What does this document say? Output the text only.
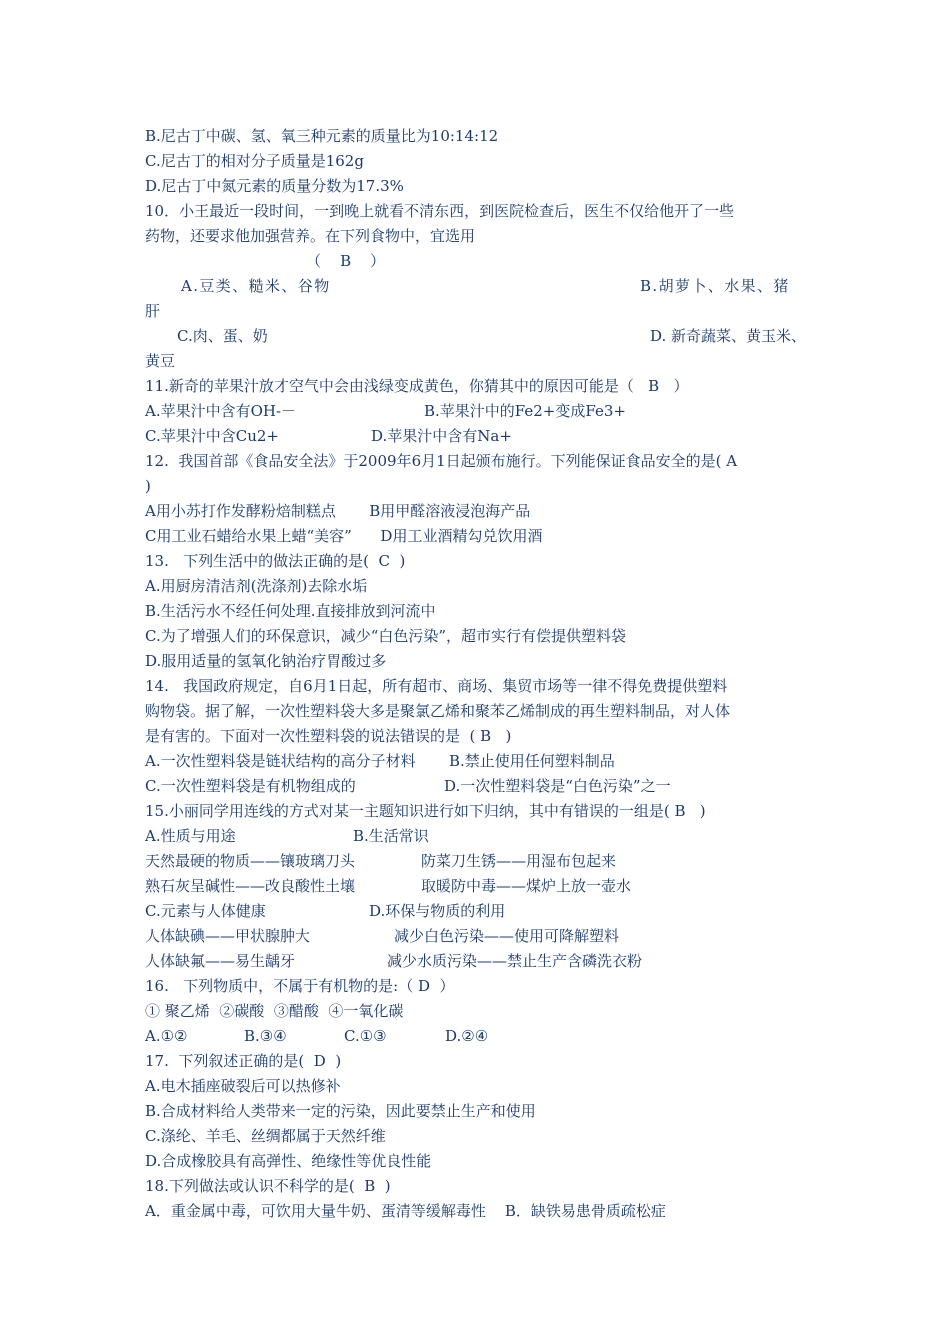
B.尼古丁中碳、氢、氧三种元素的质量比为10:14:12
C.尼古丁的相对分子质量是162g
D.尼古丁中氮元素的质量分数为17.3%
10．小王最近一段时间，一到晚上就看不清东西，到医院检查后，医生不仅给他开了一些
药物，还要求他加强营养。在下列食物中，宜选用
（    B    ）
A.豆类、糙米、谷物	B.胡萝卜、水果、猪
肝
C.肉、蛋、奶	D. 新奇蔬菜、黄玉米、
黄豆
11.新奇的苹果汁放才空气中会由浅绿变成黄色，你猜其中的原因可能是（   B   ）
A.苹果汁中含有OH-－	B.苹果汁中的Fe2+变成Fe3+
C.苹果汁中含Cu2+	D.苹果汁中含有Na+
12.  我国首部《食品安全法》于2009年6月1日起颁布施行。下列能保证食品安全的是( A
)
A用小苏打作发酵粉焙制糕点       B用甲醛溶液浸泡海产品
C用工业石蜡给水果上蜡“美容”      D用工业酒精勾兑饮用酒
13.   下列生活中的做法正确的是(  C  )
A.用厨房清洁剂(洗涤剂)去除水垢
B.生活污水不经任何处理.直接排放到河流中
C.为了增强人们的环保意识，减少“白色污染”，超市实行有偿提供塑料袋
D.服用适量的氢氧化钠治疗胃酸过多
14.   我国政府规定，自6月1日起，所有超市、商场、集贸市场等一律不得免费提供塑料
购物袋。据了解，一次性塑料袋大多是聚氯乙烯和聚苯乙烯制成的再生塑料制品，对人体
是有害的。下面对一次性塑料袋的说法错误的是  ( B   )
A.一次性塑料袋是链状结构的高分子材料       B.禁止使用任何塑料制品
C.一次性塑料袋是有机物组成的	D.一次性塑料袋是“白色污染”之一
15.小丽同学用连线的方式对某一主题知识进行如下归纳，其中有错误的一组是( B   )
A.性质与用途	B.生活常识
天然最硬的物质——镶玻璃刀头	防菜刀生锈——用湿布包起来
熟石灰呈碱性——改良酸性土壤	取暖防中毒——煤炉上放一壶水
C.元素与人体健康	D.环保与物质的利用
人体缺碘——甲状腺肿大	减少白色污染——使用可降解塑料
人体缺氟——易生龋牙	减少水质污染——禁止生产含磷洗衣粉
16.   下列物质中，不属于有机物的是:（ D  ）
① 聚乙烯  ②碳酸  ③醋酸  ④一氧化碳
A.①②	B.③④	C.①③	D.②④
17.  下列叙述正确的是(  D  )
A.电木插座破裂后可以热修补
B.合成材料给人类带来一定的污染，因此要禁止生产和使用
C.涤纶、羊毛、丝绸都属于天然纤维
D.合成橡胶具有高弹性、绝缘性等优良性能
18.下列做法或认识不科学的是(  B  )
A．重金属中毒，可饮用大量牛奶、蛋清等缓解毒性    B．缺铁易患骨质疏松症
